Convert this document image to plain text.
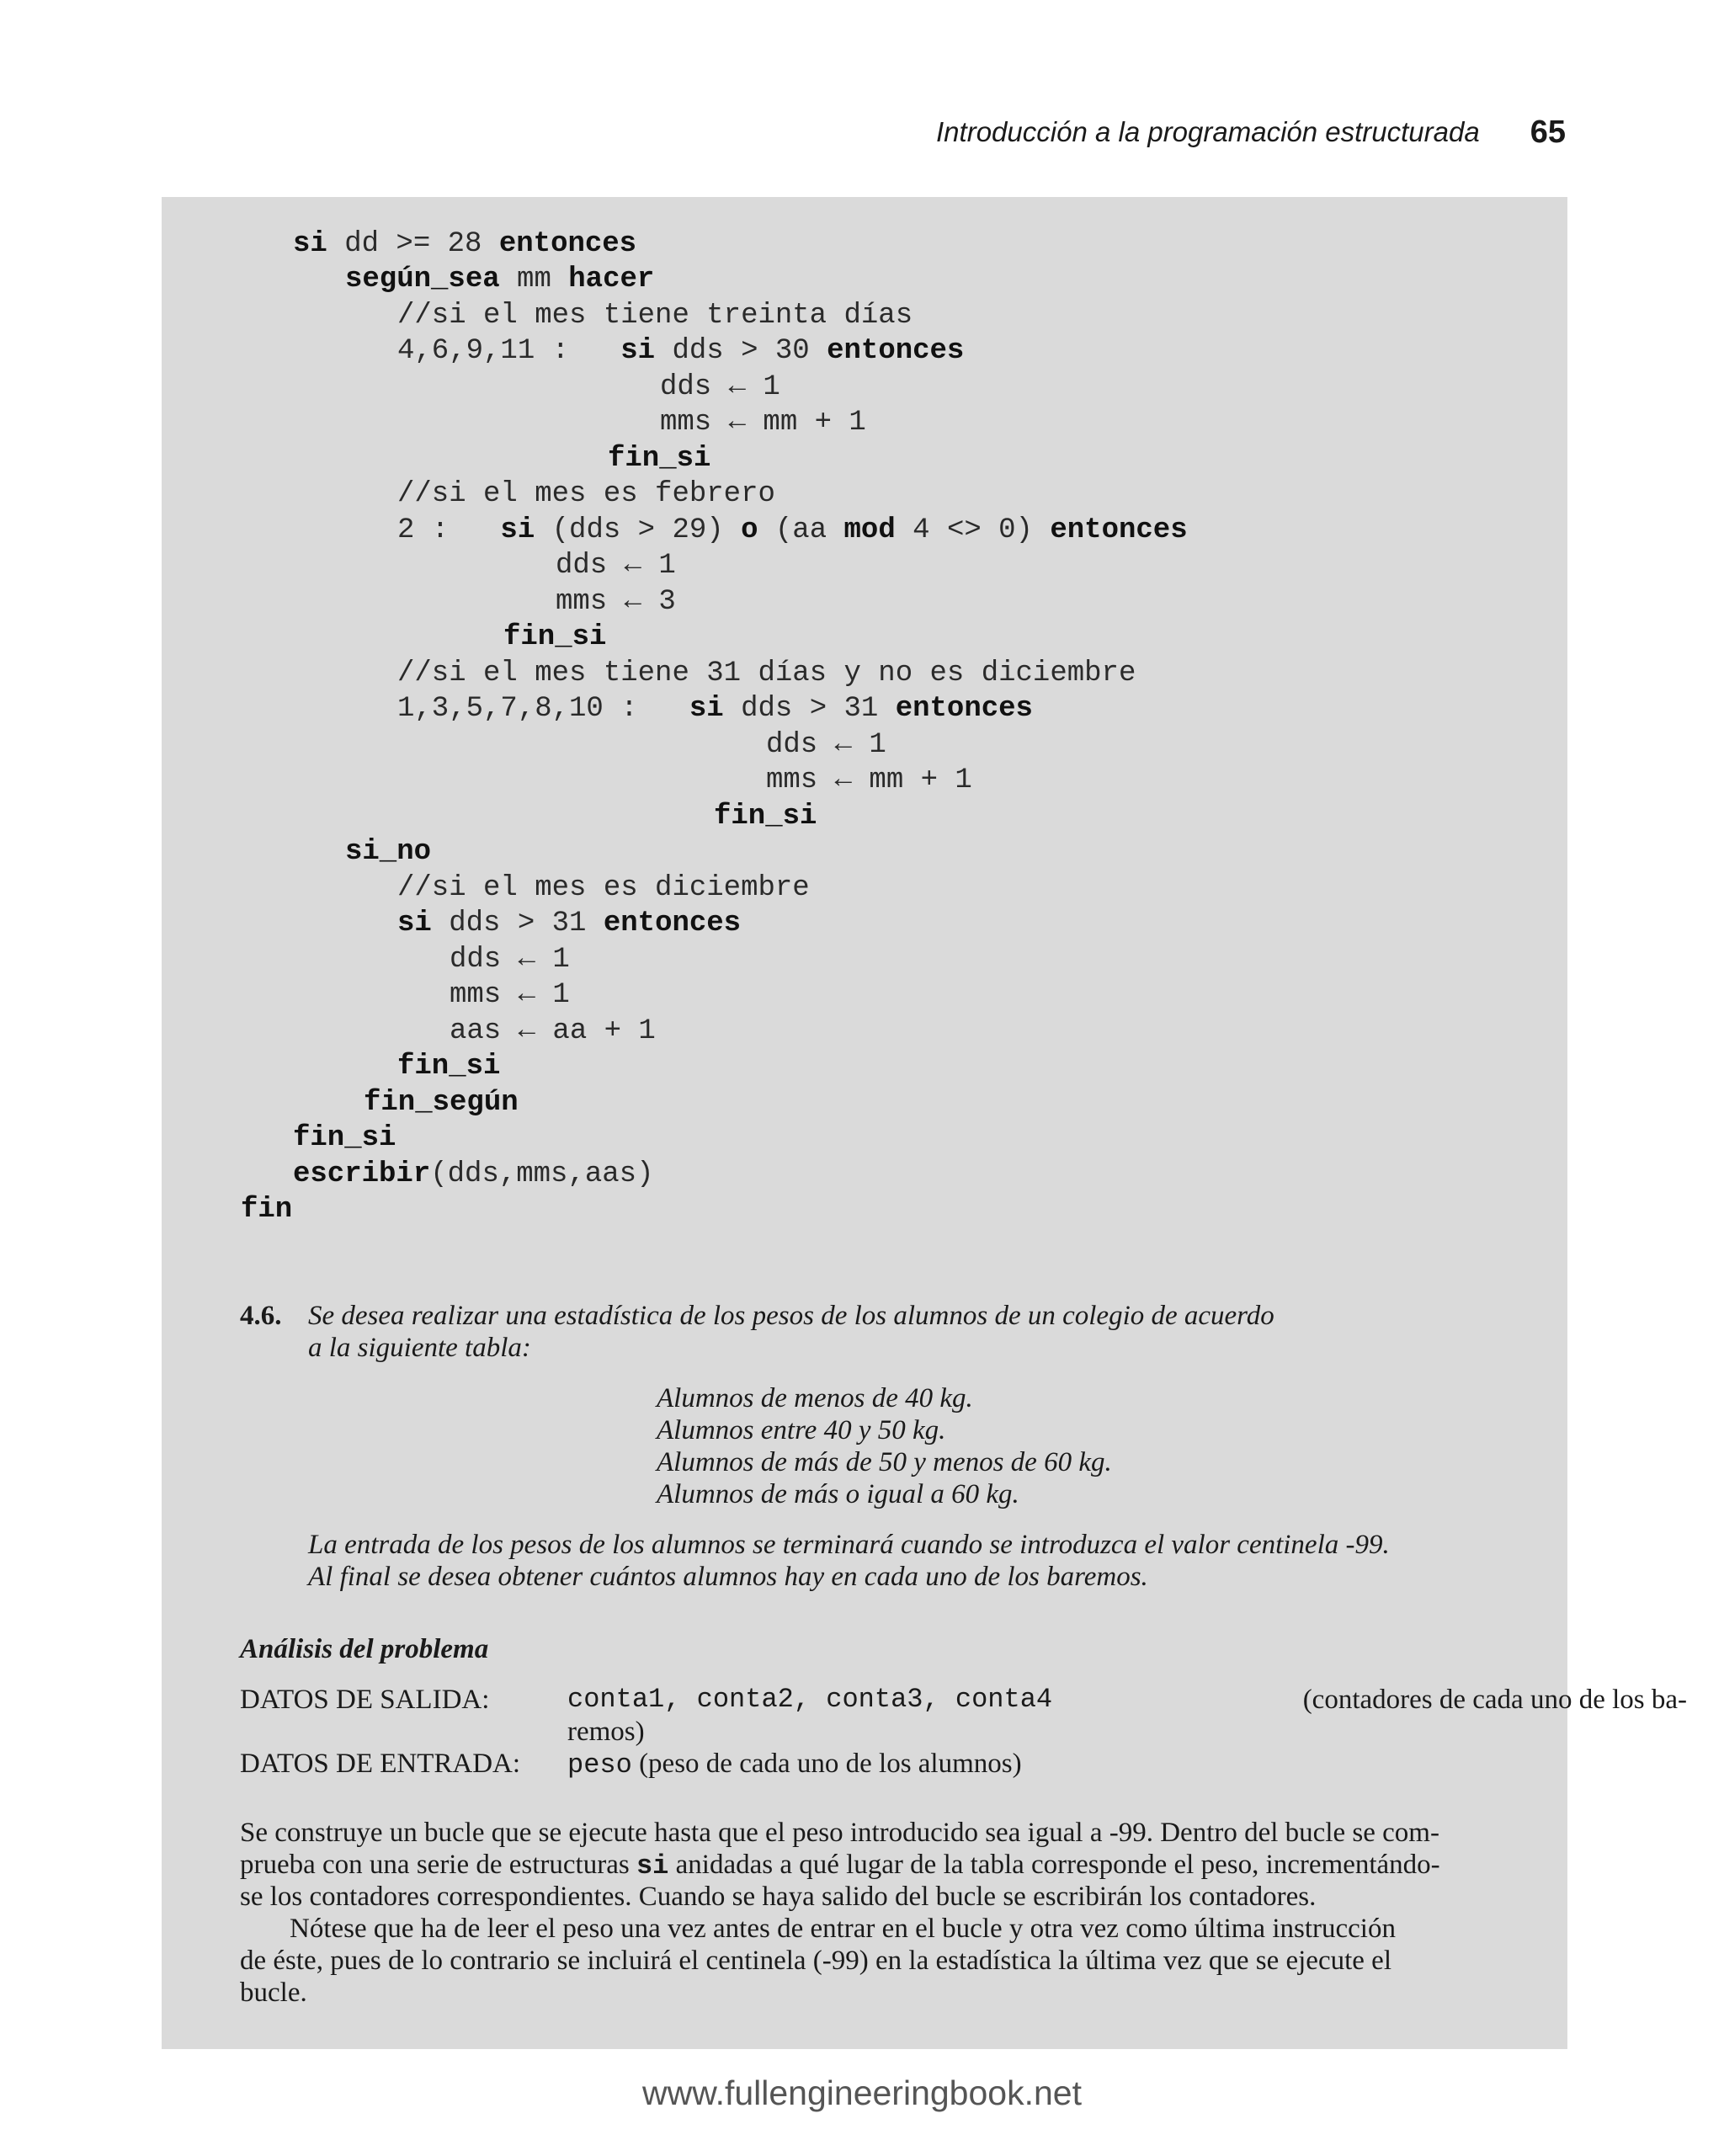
Introducción a la programación estructurada 65
si dd >= 28 entonces
según_sea mm hacer
//si el mes tiene treinta días
4,6,9,11 :   si dds > 30 entonces
dds ← 1
mms ← mm + 1
fin_si
//si el mes es febrero
2 :   si (dds > 29) o (aa mod 4 <> 0) entonces
dds ← 1
mms ← 3
fin_si
//si el mes tiene 31 días y no es diciembre
1,3,5,7,8,10 :   si dds > 31 entonces
dds ← 1
mms ← mm + 1
fin_si
si_no
//si el mes es diciembre
si dds > 31 entonces
dds ← 1
mms ← 1
aas ← aa + 1
fin_si
fin_según
fin_si
escribir(dds,mms,aas)
fin
4.6. Se desea realizar una estadística de los pesos de los alumnos de un colegio de acuerdo
a la siguiente tabla:
Alumnos de menos de 40 kg.
Alumnos entre 40 y 50 kg.
Alumnos de más de 50 y menos de 60 kg.
Alumnos de más o igual a 60 kg.
La entrada de los pesos de los alumnos se terminará cuando se introduzca el valor centinela -99.
Al final se desea obtener cuántos alumnos hay en cada uno de los baremos.
Análisis del problema
DATOS DE SALIDA:	conta1, conta2, conta3, conta4	(contadores de cada uno de los ba-
remos)
DATOS DE ENTRADA: peso (peso de cada uno de los alumnos)
Se construye un bucle que se ejecute hasta que el peso introducido sea igual a -99. Dentro del bucle se com-
prueba con una serie de estructuras si anidadas a qué lugar de la tabla corresponde el peso, incrementándo-
se los contadores correspondientes. Cuando se haya salido del bucle se escribirán los contadores.
Nótese que ha de leer el peso una vez antes de entrar en el bucle y otra vez como última instrucción
de éste, pues de lo contrario se incluirá el centinela (-99) en la estadística la última vez que se ejecute el
bucle.
www.fullengineeringbook.net
